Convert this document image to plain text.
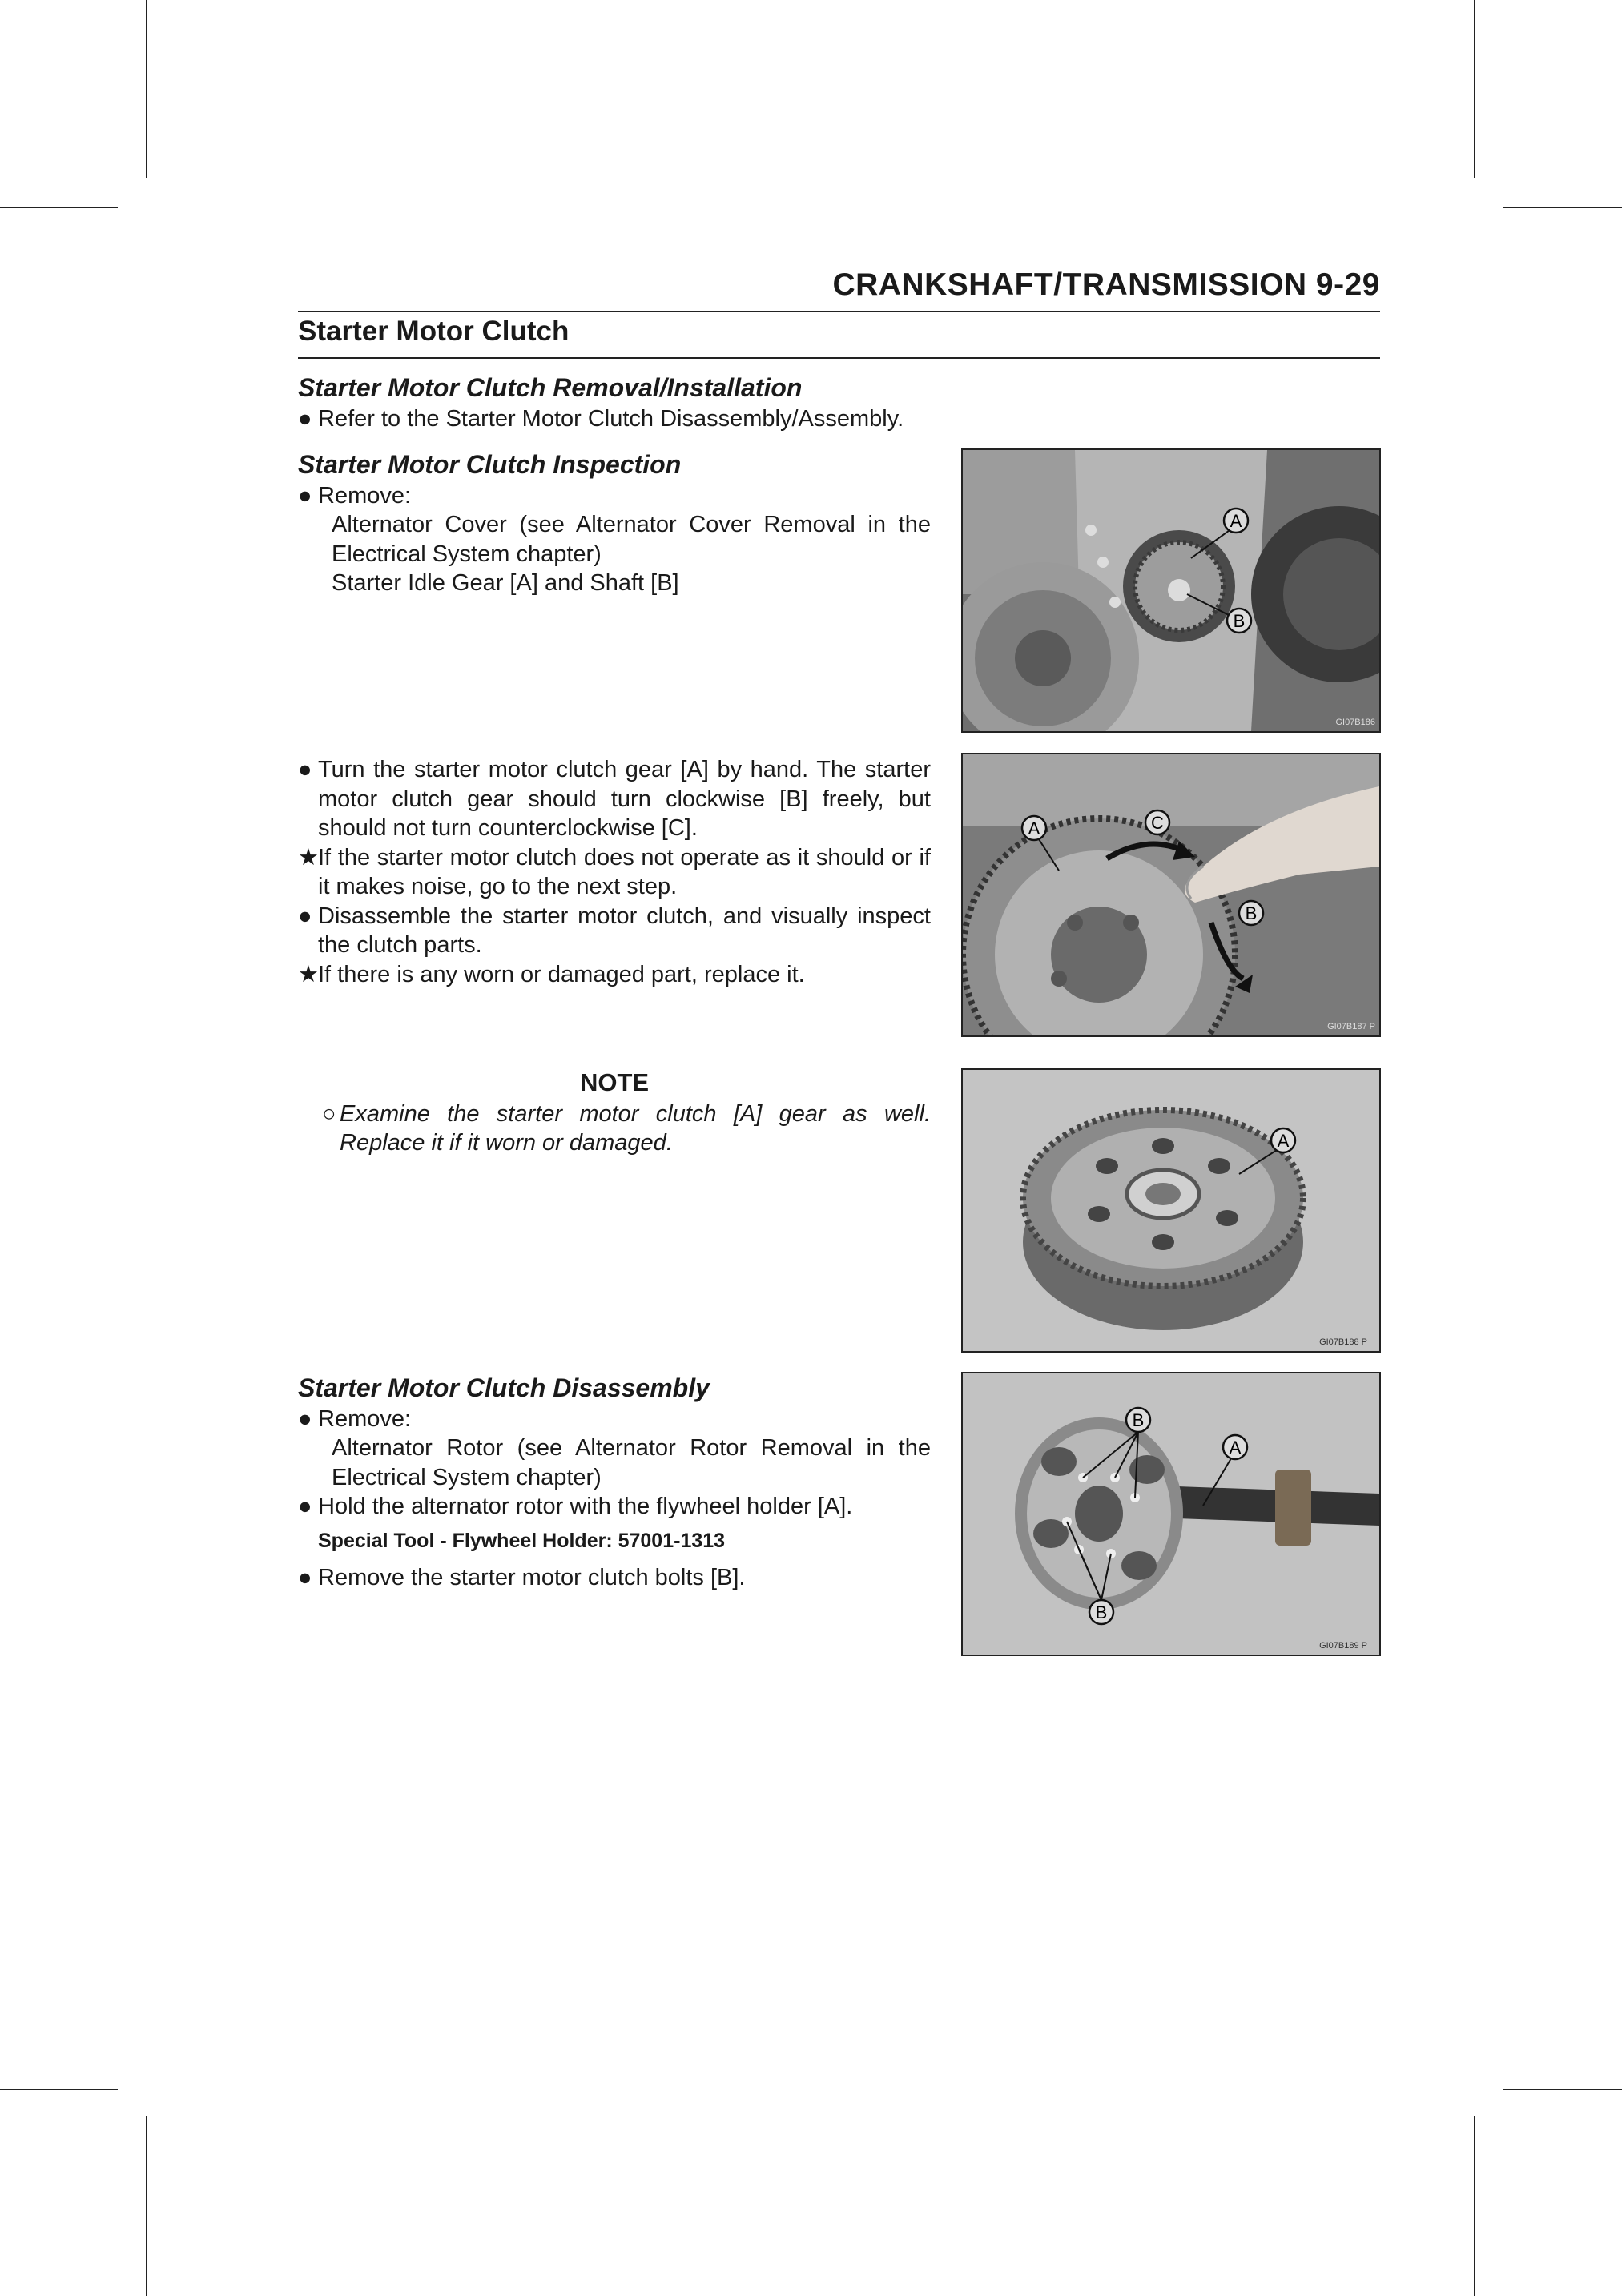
CRANKSHAFT/TRANSMISSION 9-29
Starter Motor Clutch
Starter Motor Clutch Removal/Installation
● Refer to the Starter Motor Clutch Disassembly/Assembly.
Starter Motor Clutch Inspection
● Remove:
Alternator Cover (see Alternator Cover Removal in the Electrical System chapter)
Starter Idle Gear [A] and Shaft [B]
● Turn the starter motor clutch gear [A] by hand. The starter motor clutch gear should turn clockwise [B] freely, but should not turn counterclockwise [C].
★ If the starter motor clutch does not operate as it should or if it makes noise, go to the next step.
● Disassemble the starter motor clutch, and visually inspect the clutch parts.
★ If there is any worn or damaged part, replace it.
NOTE
○ Examine the starter motor clutch [A] gear as well. Replace it if it worn or damaged.
Starter Motor Clutch Disassembly
● Remove:
Alternator Rotor (see Alternator Rotor Removal in the Electrical System chapter)
● Hold the alternator rotor with the flywheel holder [A].
Special Tool - Flywheel Holder: 57001-1313
● Remove the starter motor clutch bolts [B].
A
B
GI07B186
A
B
C
GI07B187 P
A
GI07B188 P
B
B
A
GI07B189 P
